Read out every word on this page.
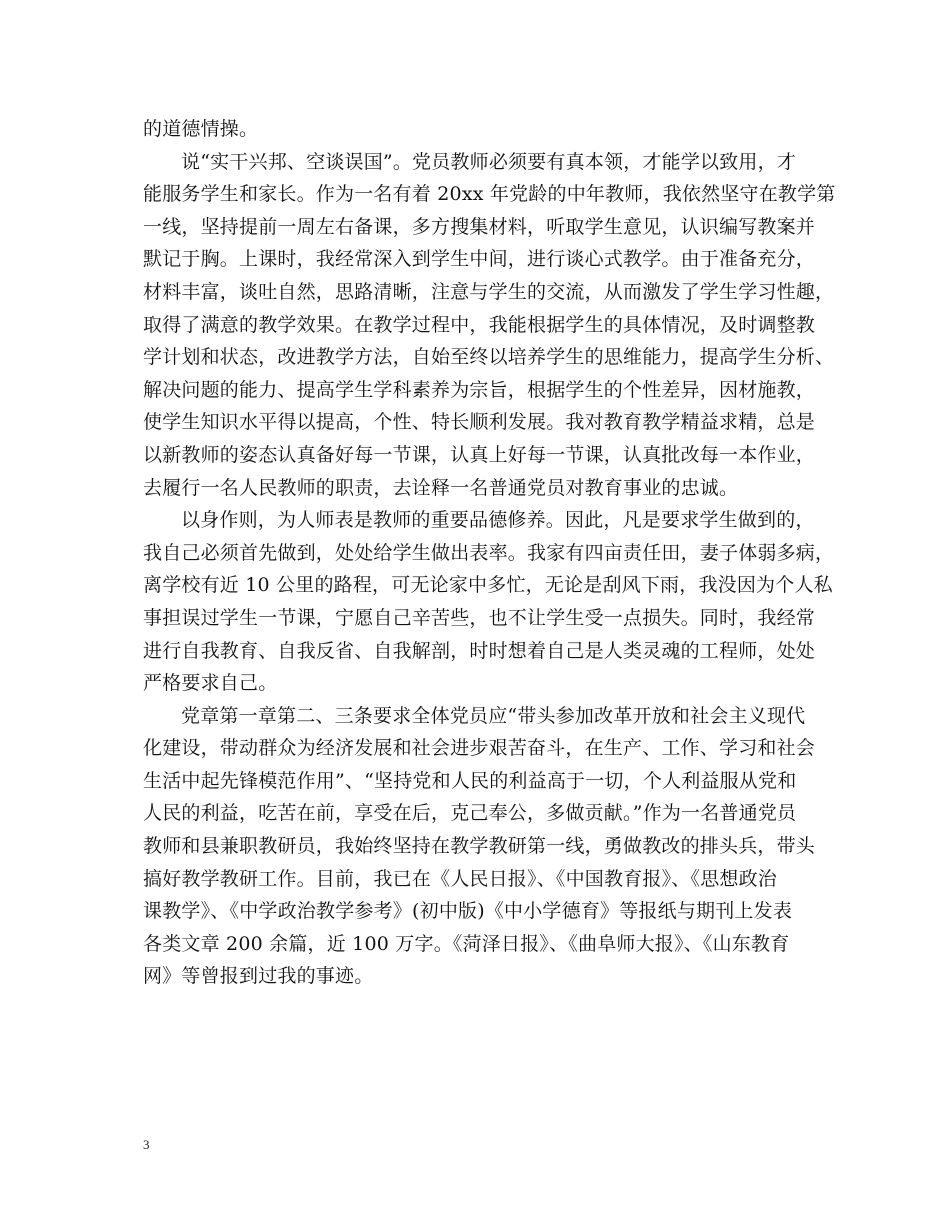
的道德情操。
说“实干兴邦、空谈误国”。党员教师必须要有真本领，才能学以致用，才
能服务学生和家长。作为一名有着 20xx 年党龄的中年教师，我依然坚守在教学第
一线，坚持提前一周左右备课，多方搜集材料，听取学生意见，认识编写教案并
默记于胸。上课时，我经常深入到学生中间，进行谈心式教学。由于准备充分，
材料丰富，谈吐自然，思路清晰，注意与学生的交流，从而激发了学生学习性趣，
取得了满意的教学效果。在教学过程中，我能根据学生的具体情况，及时调整教
学计划和状态，改进教学方法，自始至终以培养学生的思维能力，提高学生分析、
解决问题的能力、提高学生学科素养为宗旨，根据学生的个性差异，因材施教，
使学生知识水平得以提高，个性、特长顺利发展。我对教育教学精益求精，总是
以新教师的姿态认真备好每一节课，认真上好每一节课，认真批改每一本作业，
去履行一名人民教师的职责，去诠释一名普通党员对教育事业的忠诚。
以身作则，为人师表是教师的重要品德修养。因此，凡是要求学生做到的，
我自己必须首先做到，处处给学生做出表率。我家有四亩责任田，妻子体弱多病，
离学校有近 10 公里的路程，可无论家中多忙，无论是刮风下雨，我没因为个人私
事担误过学生一节课，宁愿自己辛苦些，也不让学生受一点损失。同时，我经常
进行自我教育、自我反省、自我解剖，时时想着自己是人类灵魂的工程师，处处
严格要求自己。
党章第一章第二、三条要求全体党员应“带头参加改革开放和社会主义现代
化建设，带动群众为经济发展和社会进步艰苦奋斗，在生产、工作、学习和社会
生活中起先锋模范作用”、“坚持党和人民的利益高于一切，个人利益服从党和
人民的利益，吃苦在前，享受在后，克己奉公，多做贡献。”作为一名普通党员
教师和县兼职教研员，我始终坚持在教学教研第一线，勇做教改的排头兵，带头
搞好教学教研工作。目前，我已在《人民日报》、《中国教育报》、《思想政治
课教学》、《中学政治教学参考》(初中版)《中小学德育》等报纸与期刊上发表
各类文章 200 余篇，近 100 万字。《菏泽日报》、《曲阜师大报》、《山东教育
网》等曾报到过我的事迹。
3
